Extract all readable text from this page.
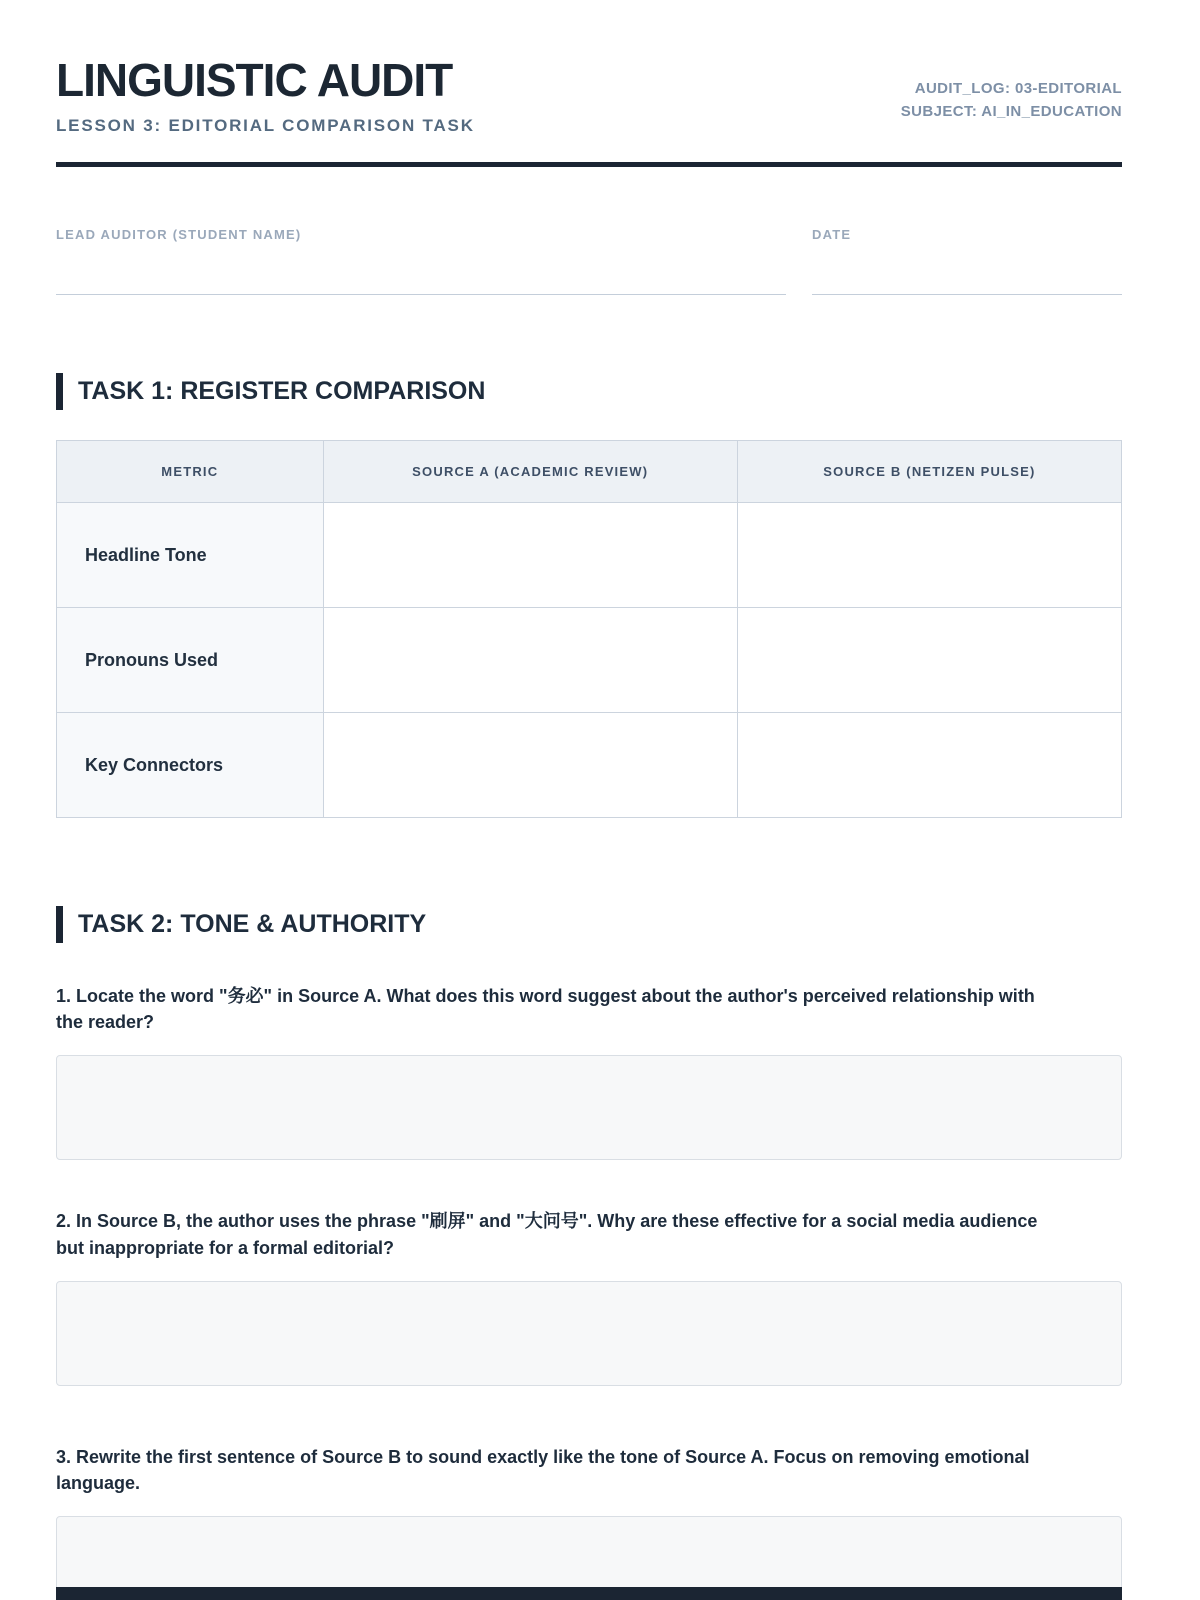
LINGUISTIC AUDIT
LESSON 3: EDITORIAL COMPARISON TASK
AUDIT_LOG: 03-EDITORIAL
SUBJECT: AI_IN_EDUCATION
LEAD AUDITOR (STUDENT NAME)	DATE
TASK 1: REGISTER COMPARISON
METRIC	SOURCE A (ACADEMIC REVIEW)	SOURCE B (NETIZEN PULSE)
Headline Tone		
Pronouns Used		
Key Connectors		
TASK 2: TONE & AUTHORITY

1. Locate the word "务必" in Source A. What does this word suggest about the author's perceived relationship with the reader?

2. In Source B, the author uses the phrase "刷屏" and "大问号". Why are these effective for a social media audience but inappropriate for a formal editorial?

3. Rewrite the first sentence of Source B to sound exactly like the tone of Source A. Focus on removing emotional language.
